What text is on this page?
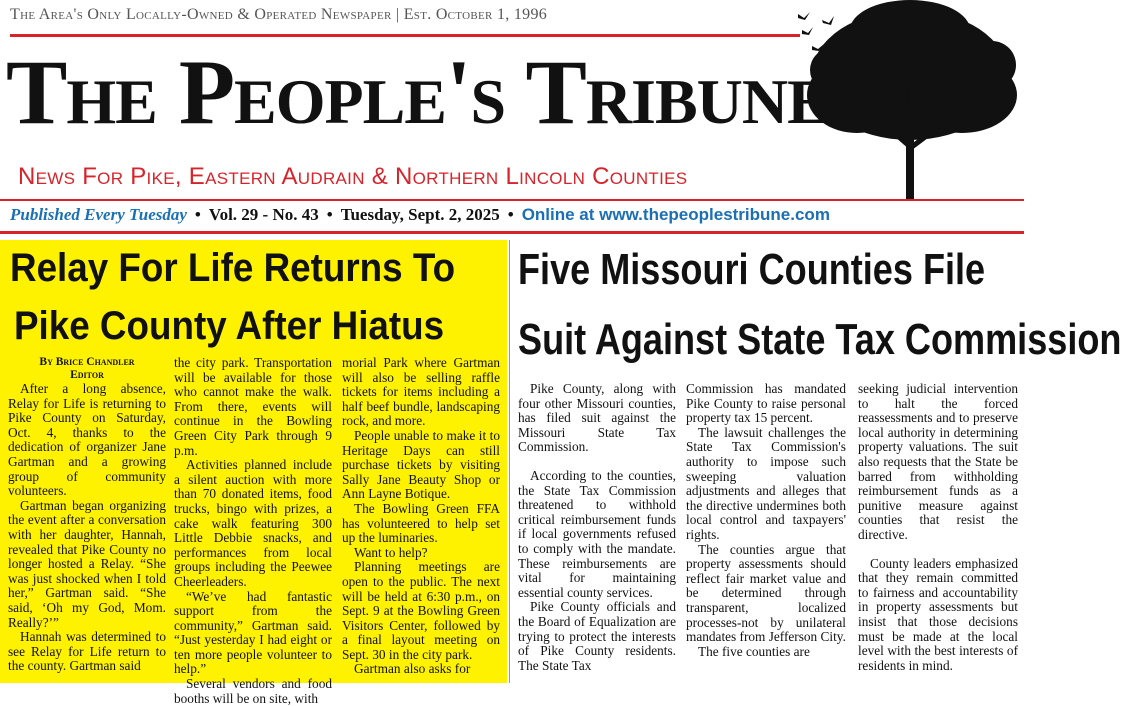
The Area's Only Locally-Owned & Operated Newspaper | Est. October 1, 1996
The People's Tribune
News For Pike, Eastern Audrain & Northern Lincoln Counties
Published Every Tuesday • Vol. 29 - No. 43 • Tuesday, Sept. 2, 2025 • Online at www.thepeoplestribune.com
Relay For Life Returns To
Pike County After Hiatus
By Brice Chandler
Editor

After a long absence, Relay for Life is returning to Pike County on Saturday, Oct. 4, thanks to the dedication of organizer Jane Gartman and a growing group of community volunteers.

Gartman began organizing the event after a conversation with her daughter, Hannah, revealed that Pike County no longer hosted a Relay. “She was just shocked when I told her,” Gartman said. “She said, ‘Oh my God, Mom. Really?’”

Hannah was determined to see Relay for Life return to the county. Gartman said

the city park. Transportation will be available for those who cannot make the walk. From there, events will continue in the Bowling Green City Park through 9 p.m.

Activities planned include a silent auction with more than 70 donated items, food trucks, bingo with prizes, a cake walk featuring 300 Little Debbie snacks, and performances from local groups including the Peewee Cheerleaders.

“We’ve had fantastic support from the community,” Gartman said. “Just yesterday I had eight or ten more people volunteer to help.”

Several vendors and food booths will be on site, with

morial Park where Gartman will also be selling raffle tickets for items including a half beef bundle, landscaping rock, and more.

People unable to make it to Heritage Days can still purchase tickets by visiting Sally Jane Beauty Shop or Ann Layne Botique.

The Bowling Green FFA has volunteered to help set up the luminaries.

Want to help?

Planning meetings are open to the public. The next will be held at 6:30 p.m., on Sept. 9 at the Bowling Green Visitors Center, followed by a final layout meeting on Sept. 30 in the city park.

Gartman also asks for

Five Missouri Counties File
Suit Against State Tax Commission

Pike County, along with four other Missouri counties, has filed suit against the Missouri State Tax Commission.

According to the counties, the State Tax Commission threatened to withhold critical reimbursement funds if local governments refused to comply with the mandate. These reimbursements are vital for maintaining essential county services.

Pike County officials and the Board of Equalization are trying to protect the interests of Pike County residents. The State Tax

Commission has mandated Pike County to raise personal property tax 15 percent.

The lawsuit challenges the State Tax Commission's authority to impose such sweeping valuation adjustments and alleges that the directive undermines both local control and taxpayers' rights.

The counties argue that property assessments should reflect fair market value and be determined through transparent, localized processes-not by unilateral mandates from Jefferson City.

The five counties are

seeking judicial intervention to halt the forced reassessments and to preserve local authority in determining property valuations. The suit also requests that the State be barred from withholding reimbursement funds as a punitive measure against counties that resist the directive.

County leaders emphasized that they remain committed to fairness and accountability in property assessments but insist that those decisions must be made at the local level with the best interests of residents in mind.
